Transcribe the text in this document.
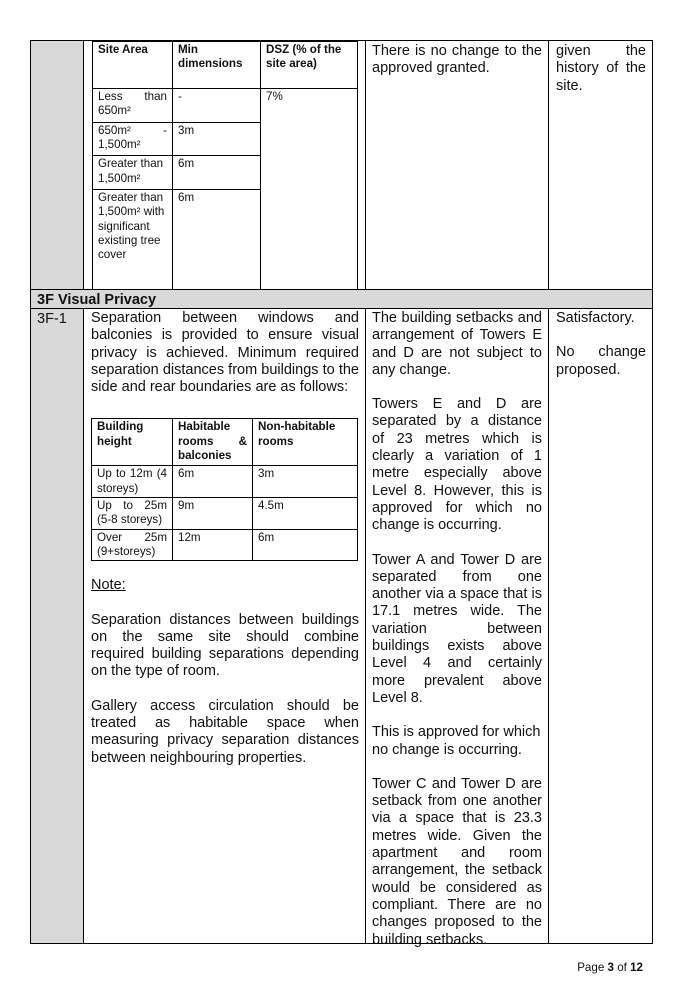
Site Area	Min dimensions	DSZ (% of the site area)
Less than 650m²	-	7%
650m² - 1,500m²	3m	
Greater than 1,500m²	6m	
Greater than 1,500m² with significant existing tree cover	6m	

There is no change to the approved granted.

given the history of the site.

3F Visual Privacy
3F-1	Separation between windows and balconies is provided to ensure visual privacy is achieved. Minimum required separation distances from buildings to the side and rear boundaries are as follows:

Building height	Habitable rooms & balconies	Non-habitable rooms
Up to 12m (4 storeys)	6m	3m
Up to 25m (5-8 storeys)	9m	4.5m
Over 25m (9+storeys)	12m	6m

Note:

Separation distances between buildings on the same site should combine required building separations depending on the type of room.

Gallery access circulation should be treated as habitable space when measuring privacy separation distances between neighbouring properties.

The building setbacks and arrangement of Towers E and D are not subject to any change.

Towers E and D are separated by a distance of 23 metres which is clearly a variation of 1 metre especially above Level 8. However, this is approved for which no change is occurring.

Tower A and Tower D are separated from one another via a space that is 17.1 metres wide. The variation between buildings exists above Level 4 and certainly more prevalent above Level 8.

This is approved for which no change is occurring.

Tower C and Tower D are setback from one another via a space that is 23.3 metres wide. Given the apartment and room arrangement, the setback would be considered as compliant. There are no changes proposed to the building setbacks.

Satisfactory.

No change proposed.

Page 3 of 12
